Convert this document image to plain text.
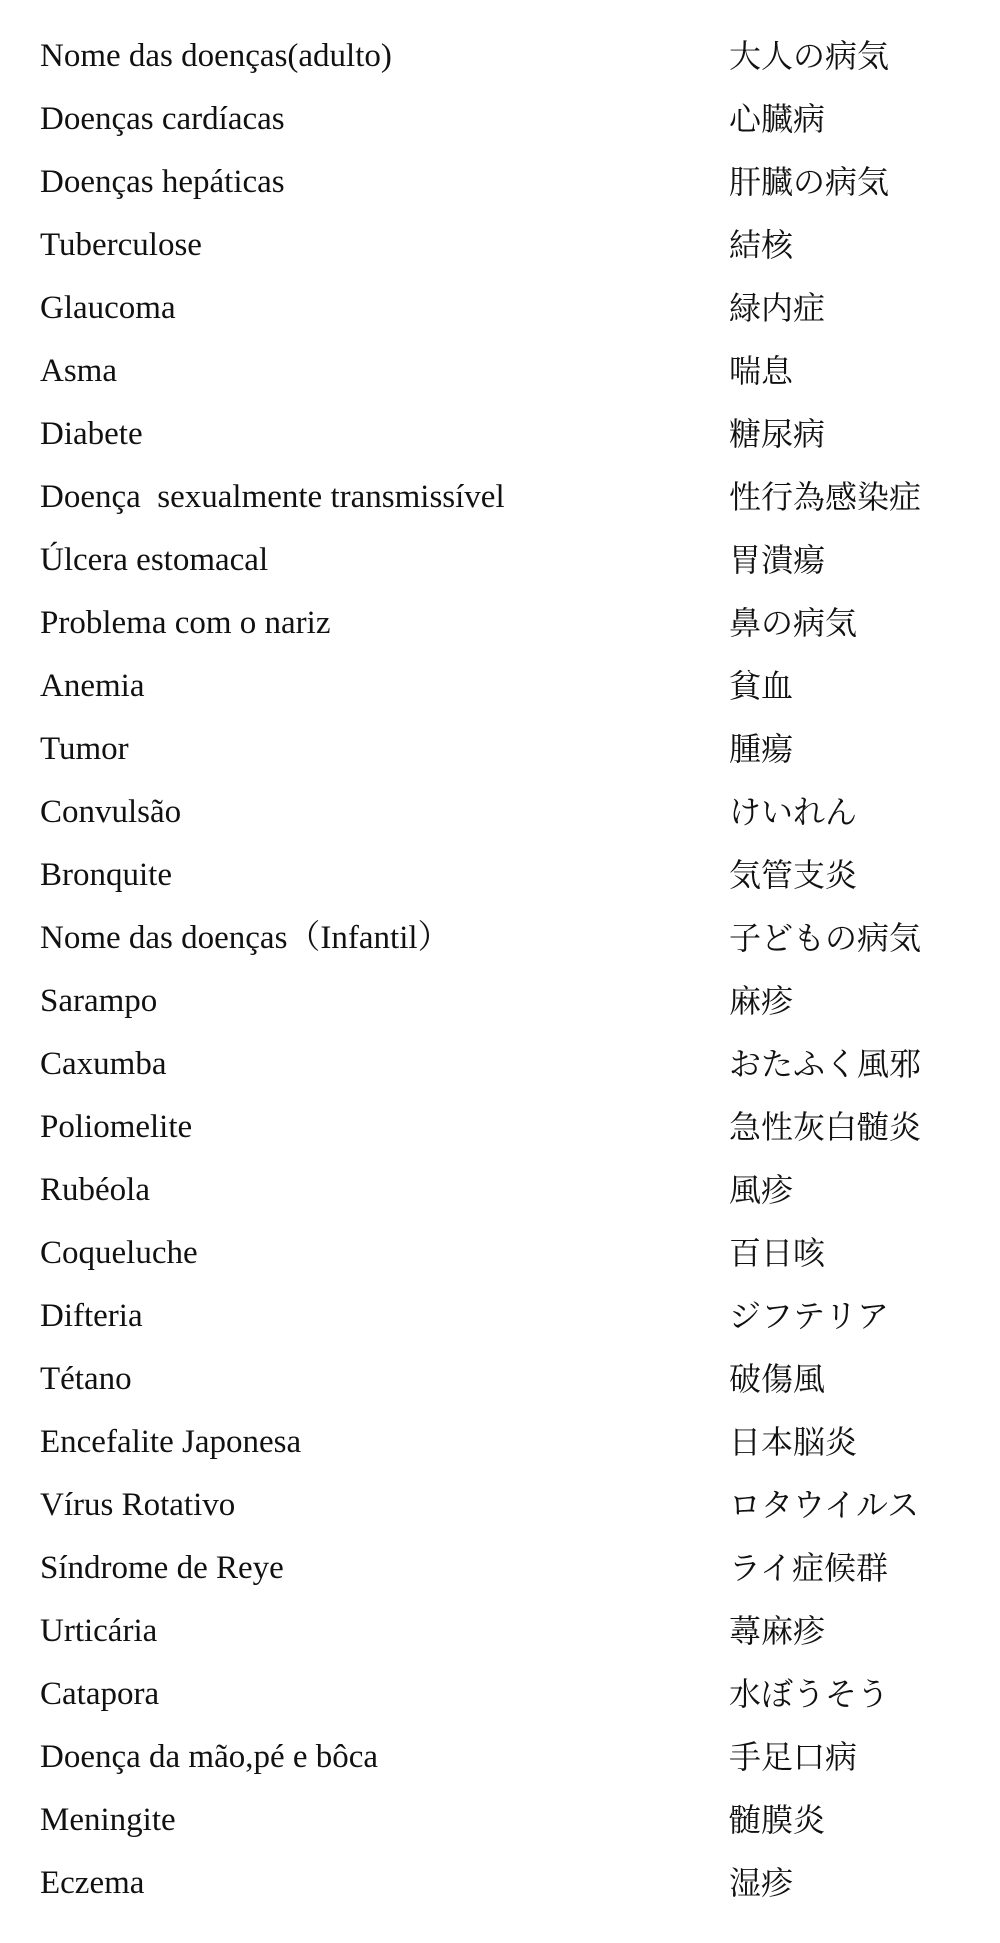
Nome das doenças(adulto)	大人の病気
Doenças cardíacas	心臓病
Doenças hepáticas	肝臓の病気
Tuberculose	結核
Glaucoma	緑内症
Asma	喘息
Diabete	糖尿病
Doença  sexualmente transmissível	性行為感染症
Úlcera estomacal	胃潰瘍
Problema com o nariz	鼻の病気
Anemia	貧血
Tumor	腫瘍
Convulsão	けいれん
Bronquite	気管支炎
Nome das doenças（Infantil）	子どもの病気
Sarampo	麻疹
Caxumba	おたふく風邪
Poliomelite	急性灰白髄炎
Rubéola	風疹
Coqueluche	百日咳
Difteria	ジフテリア
Tétano	破傷風
Encefalite Japonesa	日本脳炎
Vírus Rotativo	ロタウイルス
Síndrome de Reye	ライ症候群
Urticária	蕁麻疹
Catapora	水ぼうそう
Doença da mão,pé e bôca	手足口病
Meningite	髄膜炎
Eczema	湿疹
